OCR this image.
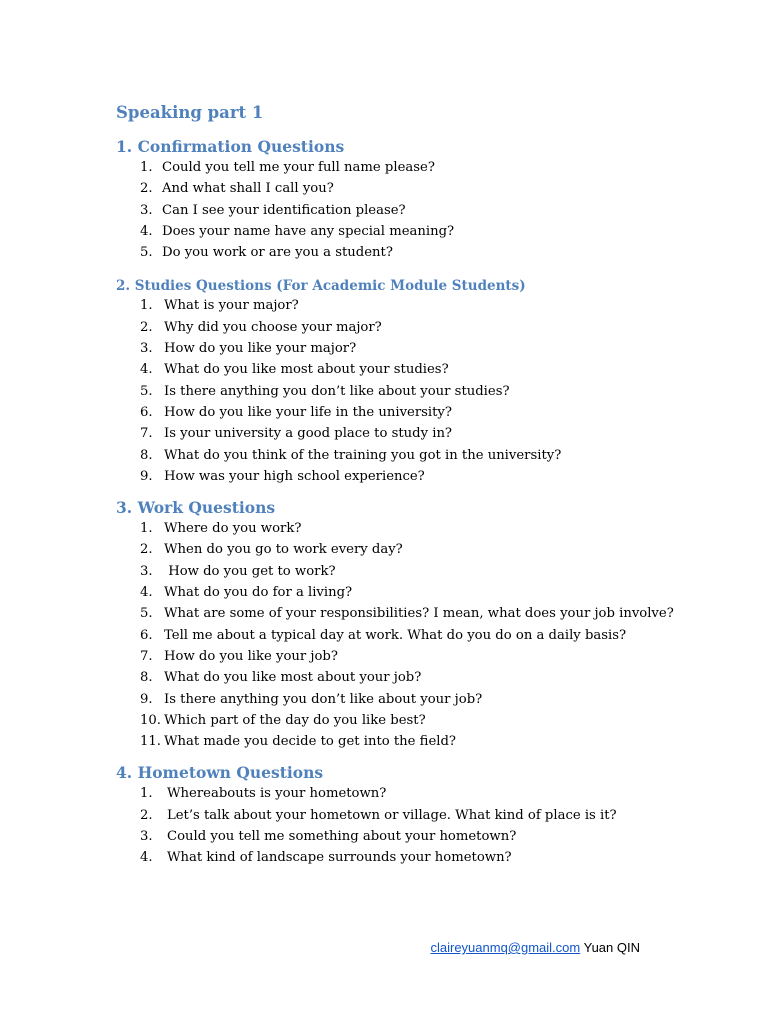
Speaking part 1
1. Confirmation Questions
1. Could you tell me your full name please?
2. And what shall I call you?
3. Can I see your identification please?
4. Does your name have any special meaning?
5. Do you work or are you a student?
2. Studies Questions (For Academic Module Students)
1. What is your major?
2. Why did you choose your major?
3. How do you like your major?
4. What do you like most about your studies?
5. Is there anything you don’t like about your studies?
6. How do you like your life in the university?
7. Is your university a good place to study in?
8. What do you think of the training you got in the university?
9. How was your high school experience?
3. Work Questions
1. Where do you work?
2. When do you go to work every day?
3. How do you get to work?
4. What do you do for a living?
5. What are some of your responsibilities? I mean, what does your job involve?
6. Tell me about a typical day at work. What do you do on a daily basis?
7. How do you like your job?
8. What do you like most about your job?
9. Is there anything you don’t like about your job?
10. Which part of the day do you like best?
11. What made you decide to get into the field?
4. Hometown Questions
1. Whereabouts is your hometown?
2. Let’s talk about your hometown or village. What kind of place is it?
3. Could you tell me something about your hometown?
4. What kind of landscape surrounds your hometown?
claireyuanmq@gmail.com Yuan QIN
